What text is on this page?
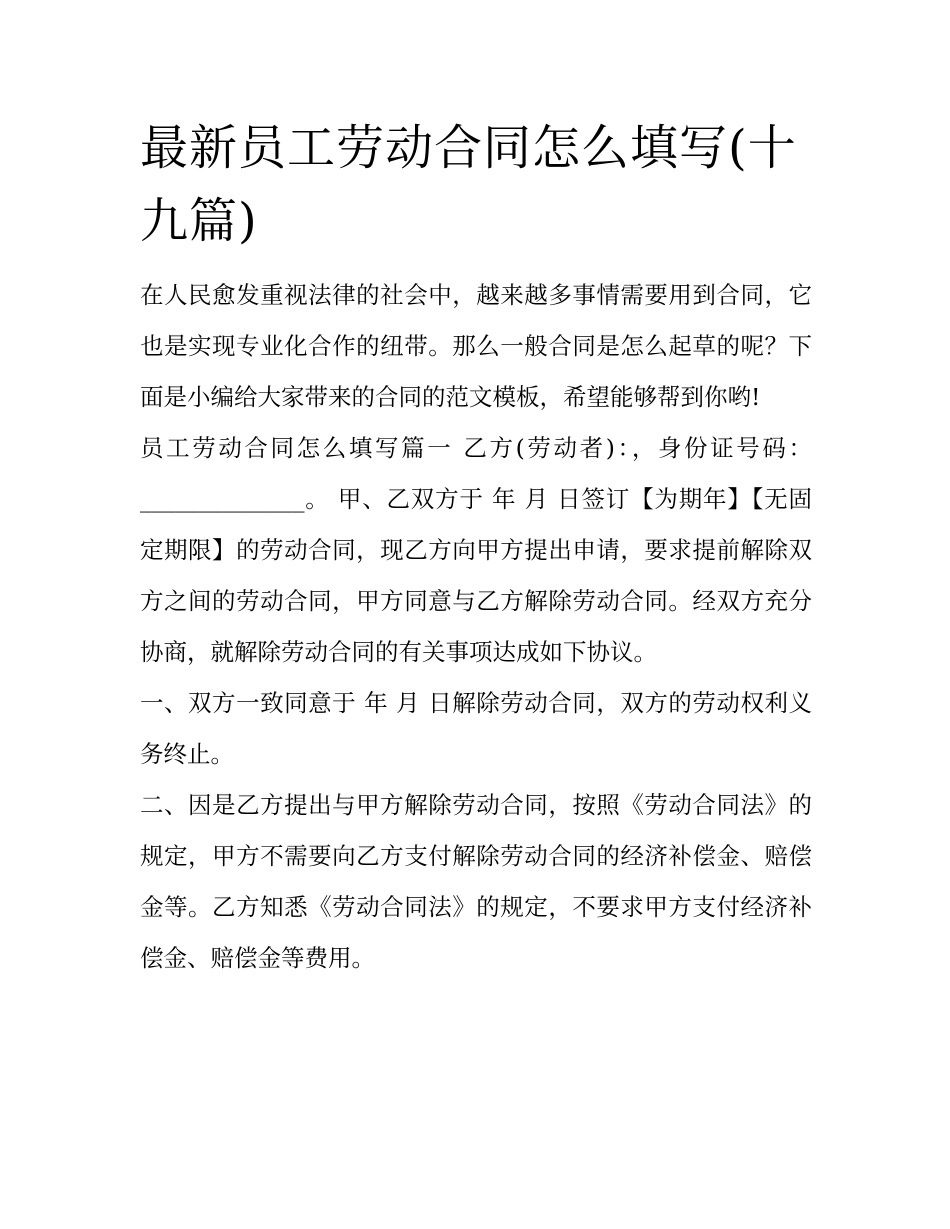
最新员工劳动合同怎么填写(十九篇)

在人民愈发重视法律的社会中，越来越多事情需要用到合同，它也是实现专业化合作的纽带。那么一般合同是怎么起草的呢？下面是小编给大家带来的合同的范文模板，希望能够帮到你哟!

员工劳动合同怎么填写篇一 乙方(劳动者)：，身份证号码：______________。 甲、乙双方于 年 月 日签订【为期年】【无固定期限】的劳动合同，现乙方向甲方提出申请，要求提前解除双方之间的劳动合同，甲方同意与乙方解除劳动合同。经双方充分协商，就解除劳动合同的有关事项达成如下协议。

一、双方一致同意于 年 月 日解除劳动合同，双方的劳动权利义务终止。

二、因是乙方提出与甲方解除劳动合同，按照《劳动合同法》的规定，甲方不需要向乙方支付解除劳动合同的经济补偿金、赔偿金等。乙方知悉《劳动合同法》的规定，不要求甲方支付经济补偿金、赔偿金等费用。
